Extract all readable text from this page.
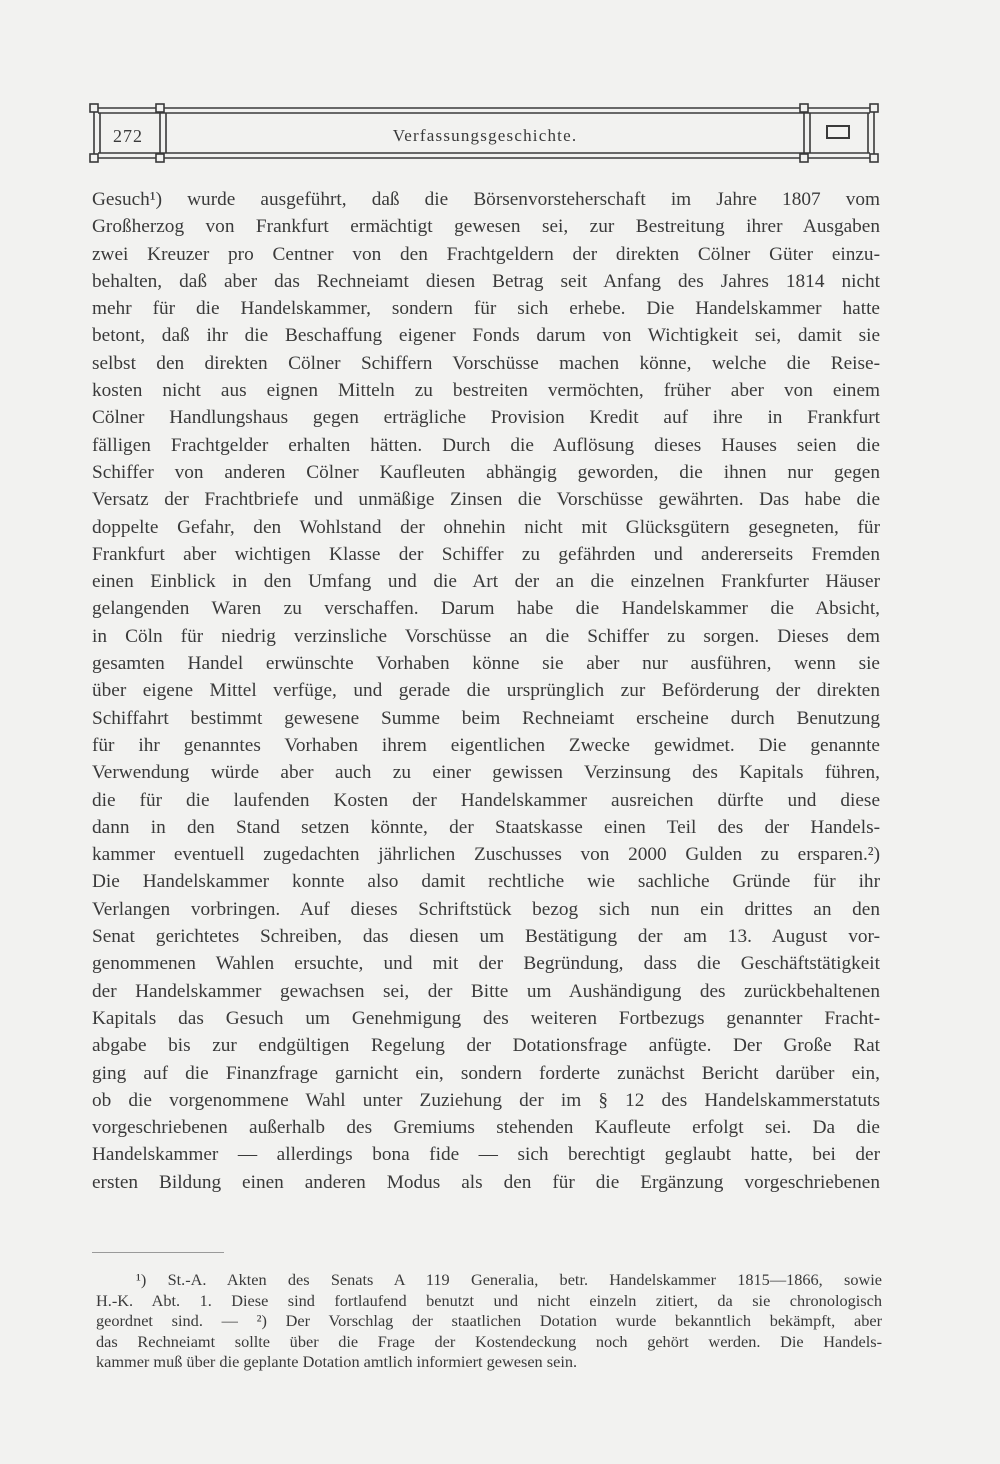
272	Verfassungsgeschichte.
Gesuch¹) wurde ausgeführt, daß die Börsenvorsteherschaft im Jahre 1807 vom
Großherzog von Frankfurt ermächtigt gewesen sei, zur Bestreitung ihrer Ausgaben
zwei Kreuzer pro Centner von den Frachtgeldern der direkten Cölner Güter einzu-
behalten, daß aber das Rechneiamt diesen Betrag seit Anfang des Jahres 1814 nicht
mehr für die Handelskammer, sondern für sich erhebe. Die Handelskammer hatte
betont, daß ihr die Beschaffung eigener Fonds darum von Wichtigkeit sei, damit sie
selbst den direkten Cölner Schiffern Vorschüsse machen könne, welche die Reise-
kosten nicht aus eignen Mitteln zu bestreiten vermöchten, früher aber von einem
Cölner Handlungshaus gegen erträgliche Provision Kredit auf ihre in Frankfurt
fälligen Frachtgelder erhalten hätten. Durch die Auflösung dieses Hauses seien die
Schiffer von anderen Cölner Kaufleuten abhängig geworden, die ihnen nur gegen
Versatz der Frachtbriefe und unmäßige Zinsen die Vorschüsse gewährten. Das habe die
doppelte Gefahr, den Wohlstand der ohnehin nicht mit Glücksgütern gesegneten, für
Frankfurt aber wichtigen Klasse der Schiffer zu gefährden und andererseits Fremden
einen Einblick in den Umfang und die Art der an die einzelnen Frankfurter Häuser
gelangenden Waren zu verschaffen. Darum habe die Handelskammer die Absicht,
in Cöln für niedrig verzinsliche Vorschüsse an die Schiffer zu sorgen. Dieses dem
gesamten Handel erwünschte Vorhaben könne sie aber nur ausführen, wenn sie
über eigene Mittel verfüge, und gerade die ursprünglich zur Beförderung der direkten
Schiffahrt bestimmt gewesene Summe beim Rechneiamt erscheine durch Benutzung
für ihr genanntes Vorhaben ihrem eigentlichen Zwecke gewidmet. Die genannte
Verwendung würde aber auch zu einer gewissen Verzinsung des Kapitals führen,
die für die laufenden Kosten der Handelskammer ausreichen dürfte und diese
dann in den Stand setzen könnte, der Staatskasse einen Teil des der Handels-
kammer eventuell zugedachten jährlichen Zuschusses von 2000 Gulden zu ersparen.²)
Die Handelskammer konnte also damit rechtliche wie sachliche Gründe für ihr
Verlangen vorbringen. Auf dieses Schriftstück bezog sich nun ein drittes an den
Senat gerichtetes Schreiben, das diesen um Bestätigung der am 13. August vor-
genommenen Wahlen ersuchte, und mit der Begründung, dass die Geschäftstätigkeit
der Handelskammer gewachsen sei, der Bitte um Aushändigung des zurückbehaltenen
Kapitals das Gesuch um Genehmigung des weiteren Fortbezugs genannter Fracht-
abgabe bis zur endgültigen Regelung der Dotationsfrage anfügte. Der Große Rat
ging auf die Finanzfrage garnicht ein, sondern forderte zunächst Bericht darüber ein,
ob die vorgenommene Wahl unter Zuziehung der im § 12 des Handelskammerstatuts
vorgeschriebenen außerhalb des Gremiums stehenden Kaufleute erfolgt sei. Da die
Handelskammer — allerdings bona fide — sich berechtigt geglaubt hatte, bei der
ersten Bildung einen anderen Modus als den für die Ergänzung vorgeschriebenen
¹) St.-A. Akten des Senats A 119 Generalia, betr. Handelskammer 1815—1866, sowie
H.-K. Abt. 1. Diese sind fortlaufend benutzt und nicht einzeln zitiert, da sie chronologisch
geordnet sind. — ²) Der Vorschlag der staatlichen Dotation wurde bekanntlich bekämpft, aber
das Rechneiamt sollte über die Frage der Kostendeckung noch gehört werden. Die Handels-
kammer muß über die geplante Dotation amtlich informiert gewesen sein.
